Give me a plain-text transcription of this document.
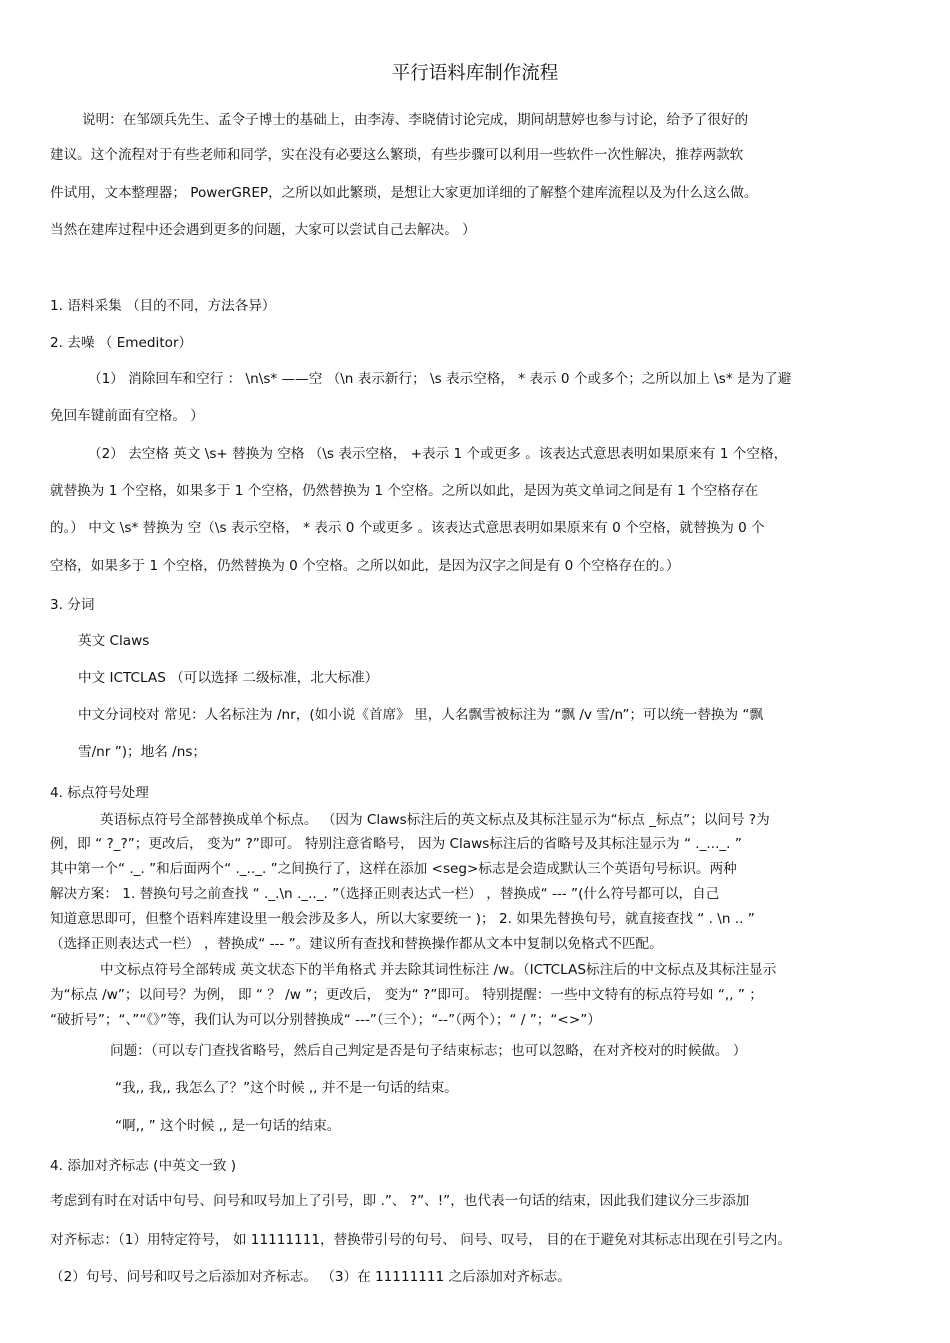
平行语料库制作流程
说明：在邹颂兵先生、孟令子博士的基础上，由李涛、李晓倩讨论完成，期间胡慧婷也参与讨论，给予了很好的
建议。这个流程对于有些老师和同学，实在没有必要这么繁琐，有些步骤可以利用一些软件一次性解决，推荐两款软
件试用，文本整理器； PowerGREP，之所以如此繁琐，是想让大家更加详细的了解整个建库流程以及为什么这么做。
当然在建库过程中还会遇到更多的问题，大家可以尝试自己去解决。 ）
1. 语料采集 （目的不同，方法各异）
2. 去噪 （ Emeditor）
（1） 消除回车和空行 ： \n\s* ——空 （\n 表示新行； \s 表示空格， * 表示 0 个或多个；之所以加上 \s* 是为了避
免回车键前面有空格。 ）
（2） 去空格 英文 \s+ 替换为 空格 （\s 表示空格， +表示 1 个或更多 。该表达式意思表明如果原来有 1 个空格，
就替换为 1 个空格，如果多于 1 个空格，仍然替换为 1 个空格。之所以如此，是因为英文单词之间是有 1 个空格存在
的。） 中文 \s* 替换为 空（\s 表示空格， * 表示 0 个或更多 。该表达式意思表明如果原来有 0 个空格，就替换为 0 个
空格，如果多于 1 个空格，仍然替换为 0 个空格。之所以如此，是因为汉字之间是有 0 个空格存在的。）
3. 分词
英文 Claws
中文 ICTCLAS （可以选择 二级标准，北大标准）
中文分词校对 常见：人名标注为 /nr，(如小说《首席》 里，人名飘雪被标注为 “飘 /v 雪/n”；可以统一替换为 “飘
雪/nr ”)；地名 /ns；
4. 标点符号处理
英语标点符号全部替换成单个标点。 （因为 Claws标注后的英文标点及其标注显示为“标点 _标点”；以问号 ?为
例，即 “ ?_?”；更改后， 变为“ ?”即可。 特别注意省略号， 因为 Claws标注后的省略号及其标注显示为 “ ._..._. ”
其中第一个“ ._. ”和后面两个“ ._.._. ”之间换行了，这样在添加 <seg>标志是会造成默认三个英语句号标识。两种
解决方案： 1. 替换句号之前查找 “ ._.\n ._.._. ”（选择正则表达式一栏） ，替换成“ --- ”(什么符号都可以，自己
知道意思即可，但整个语料库建设里一般会涉及多人，所以大家要统一 )； 2. 如果先替换句号，就直接查找 “ . \n .. ”
（选择正则表达式一栏） ，替换成“ --- ”。建议所有查找和替换操作都从文本中复制以免格式不匹配。
中文标点符号全部转成 英文状态下的半角格式 并去除其词性标注 /w。（ICTCLAS标注后的中文标点及其标注显示
为“标点 /w”；以问号？为例， 即 “ ？ /w ”；更改后， 变为“ ?”即可。 特别提醒：一些中文特有的标点符号如 “,, ” ；
“破折号”；“、”“《》”等，我们认为可以分别替换成“ ---”（三个）；“--”（两个）；“ / ”；“<>”）
问题：（可以专门查找省略号，然后自己判定是否是句子结束标志；也可以忽略，在对齐校对的时候做。 ）
“我,, 我,, 我怎么了？”这个时候 ,, 并不是一句话的结束。
“啊,, ” 这个时候 ,, 是一句话的结束。
4. 添加对齐标志 (中英文一致 )
考虑到有时在对话中句号、问号和叹号加上了引号，即 .”、 ?”、!”，也代表一句话的结束，因此我们建议分三步添加
对齐标志：（1）用特定符号， 如 11111111，替换带引号的句号、 问号、叹号， 目的在于避免对其标志出现在引号之内。
（2）句号、问号和叹号之后添加对齐标志。 （3）在 11111111 之后添加对齐标志。
